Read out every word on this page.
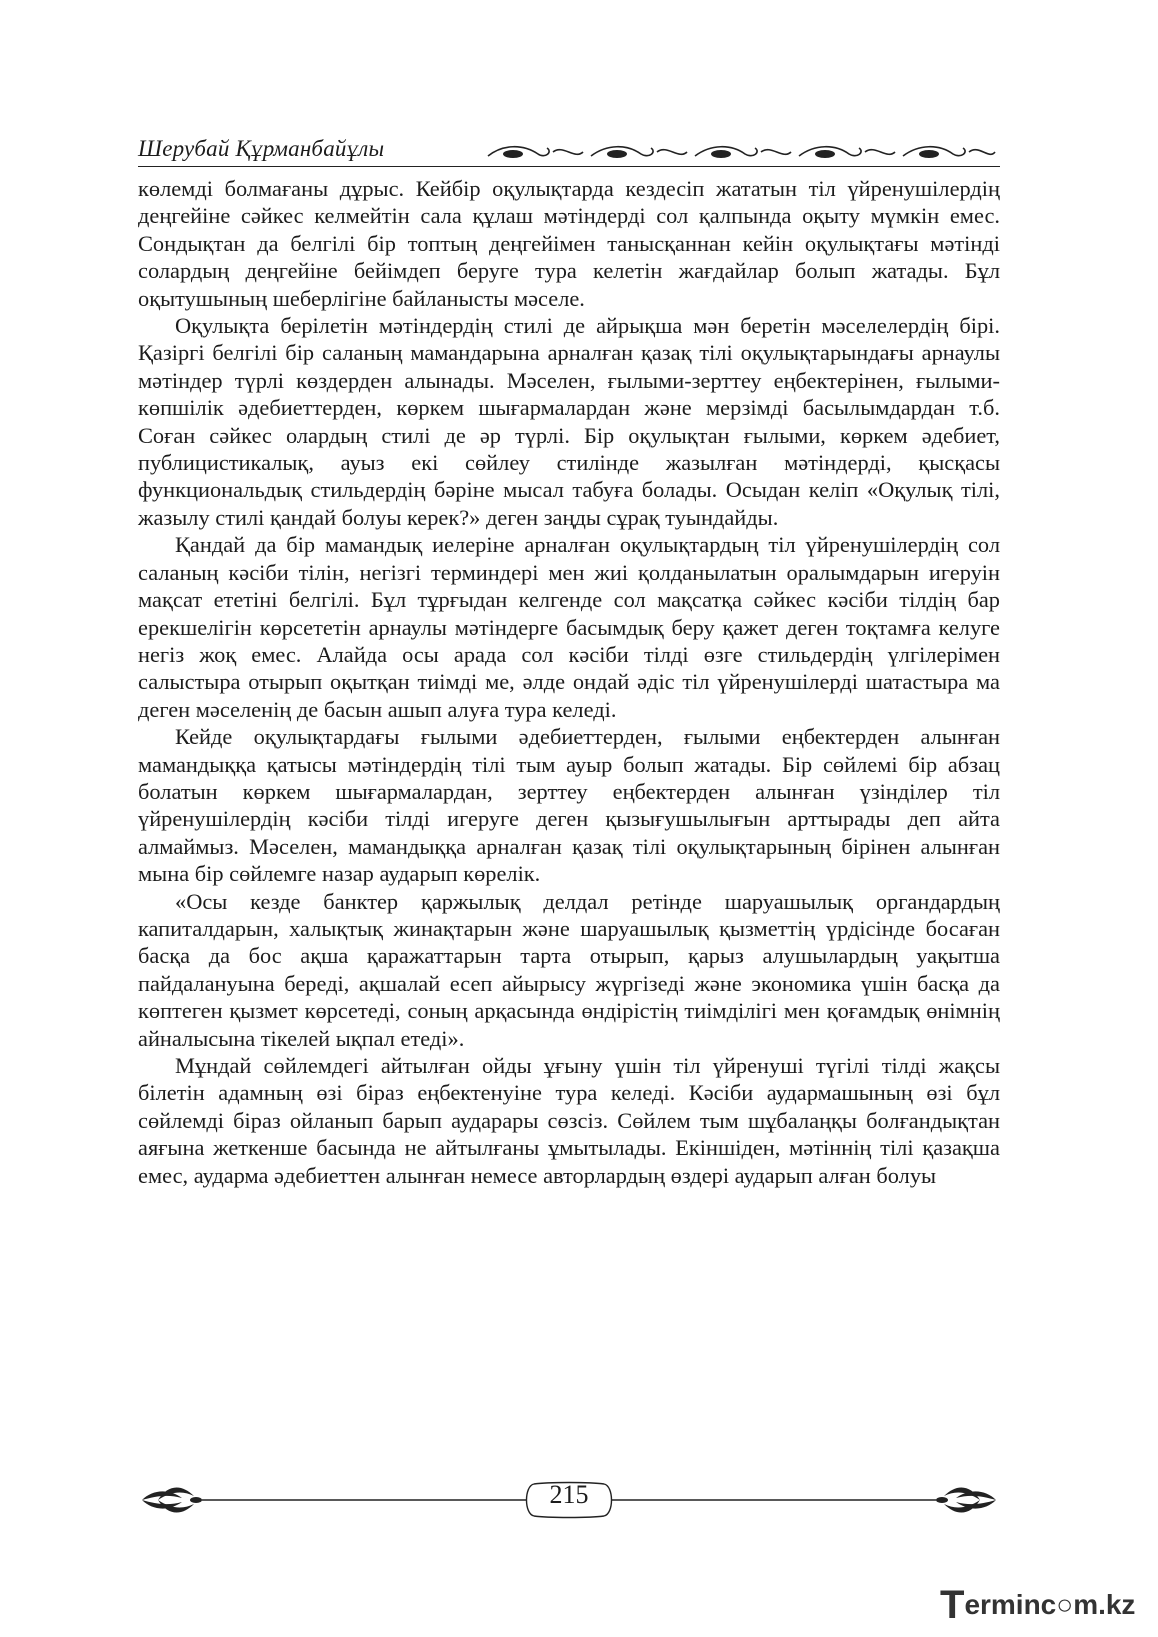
Шерубай Құрманбайұлы

көлемді болмағаны дұрыс. Кейбір оқулықтарда кездесіп жататын тіл үйренушілердің деңгейіне сәйкес келмейтін сала құлаш мәтіндерді сол қалпында оқыту мүмкін емес. Сондықтан да белгілі бір топтың деңгейімен танысқаннан кейін оқулықтағы мәтінді солардың деңгейіне бейімдеп беруге тура келетін жағдайлар болып жатады. Бұл оқытушының шеберлігіне байланысты мәселе.

Оқулықта берілетін мәтіндердің стилі де айрықша мән беретін мәселелердің бірі. Қазіргі белгілі бір саланың мамандарына арналған қазақ тілі оқулықтарындағы арнаулы мәтіндер түрлі көздерден алынады. Мәселен, ғылыми-зерттеу еңбектерінен, ғылыми-көпшілік әдебиеттерден, көркем шығармалардан және мерзімді басылымдардан т.б. Соған сәйкес олардың стилі де әр түрлі. Бір оқулықтан ғылыми, көркем әдебиет, публицистикалық, ауыз екі сөйлеу стилінде жазылған мәтіндерді, қысқасы функциональдық стильдердің бәріне мысал табуға болады. Осыдан келіп «Оқулық тілі, жазылу стилі қандай болуы керек?» деген заңды сұрақ туындайды.

Қандай да бір мамандық иелеріне арналған оқулықтардың тіл үйренушілердің сол саланың кәсіби тілін, негізгі терминдері мен жиі қолданылатын оралымдарын игеруін мақсат ететіні белгілі. Бұл тұрғыдан келгенде сол мақсатқа сәйкес кәсіби тілдің бар ерекшелігін көрсететін арнаулы мәтіндерге басымдық беру қажет деген тоқтамға келуге негіз жоқ емес. Алайда осы арада сол кәсіби тілді өзге стильдердің үлгілерімен салыстыра отырып оқытқан тиімді ме, әлде ондай әдіс тіл үйренушілерді шатастыра ма деген мәселенің де басын ашып алуға тура келеді.

Кейде оқулықтардағы ғылыми әдебиеттерден, ғылыми еңбектерден алынған мамандыққа қатысы мәтіндердің тілі тым ауыр болып жатады. Бір сөйлемі бір абзац болатын көркем шығармалардан, зерттеу еңбектерден алынған үзінділер тіл үйренушілердің кәсіби тілді игеруге деген қызығушылығын арттырады деп айта алмаймыз. Мәселен, мамандыққа арналған қазақ тілі оқулықтарының бірінен алынған мына бір сөйлемге назар аударып көрелік.

«Осы кезде банктер қаржылық делдал ретінде шаруашылық органдардың капиталдарын, халықтық жинақтарын және шаруашылық қызметтің үрдісінде босаған басқа да бос ақша қаражаттарын тарта отырып, қарыз алушылардың уақытша пайдалануына береді, ақшалай есеп айырысу жүргізеді және экономика үшін басқа да көптеген қызмет көрсетеді, соның арқасында өндірістің тиімділігі мен қоғамдық өнімнің айналысына тікелей ықпал етеді».

Мұндай сөйлемдегі айтылған ойды ұғыну үшін тіл үйренуші түгілі тілді жақсы білетін адамның өзі біраз еңбектенуіне тура келеді. Кәсіби аудармашының өзі бұл сөйлемді біраз ойланып барып аударары сөзсіз. Сөйлем тым шұбалаңқы болғандықтан аяғына жеткенше басында не айтылғаны ұмытылады. Екіншіден, мәтіннің тілі қазақша емес, аударма әдебиеттен алынған немесе авторлардың өздері аударып алған болуы

215
Terminc○m.kz
